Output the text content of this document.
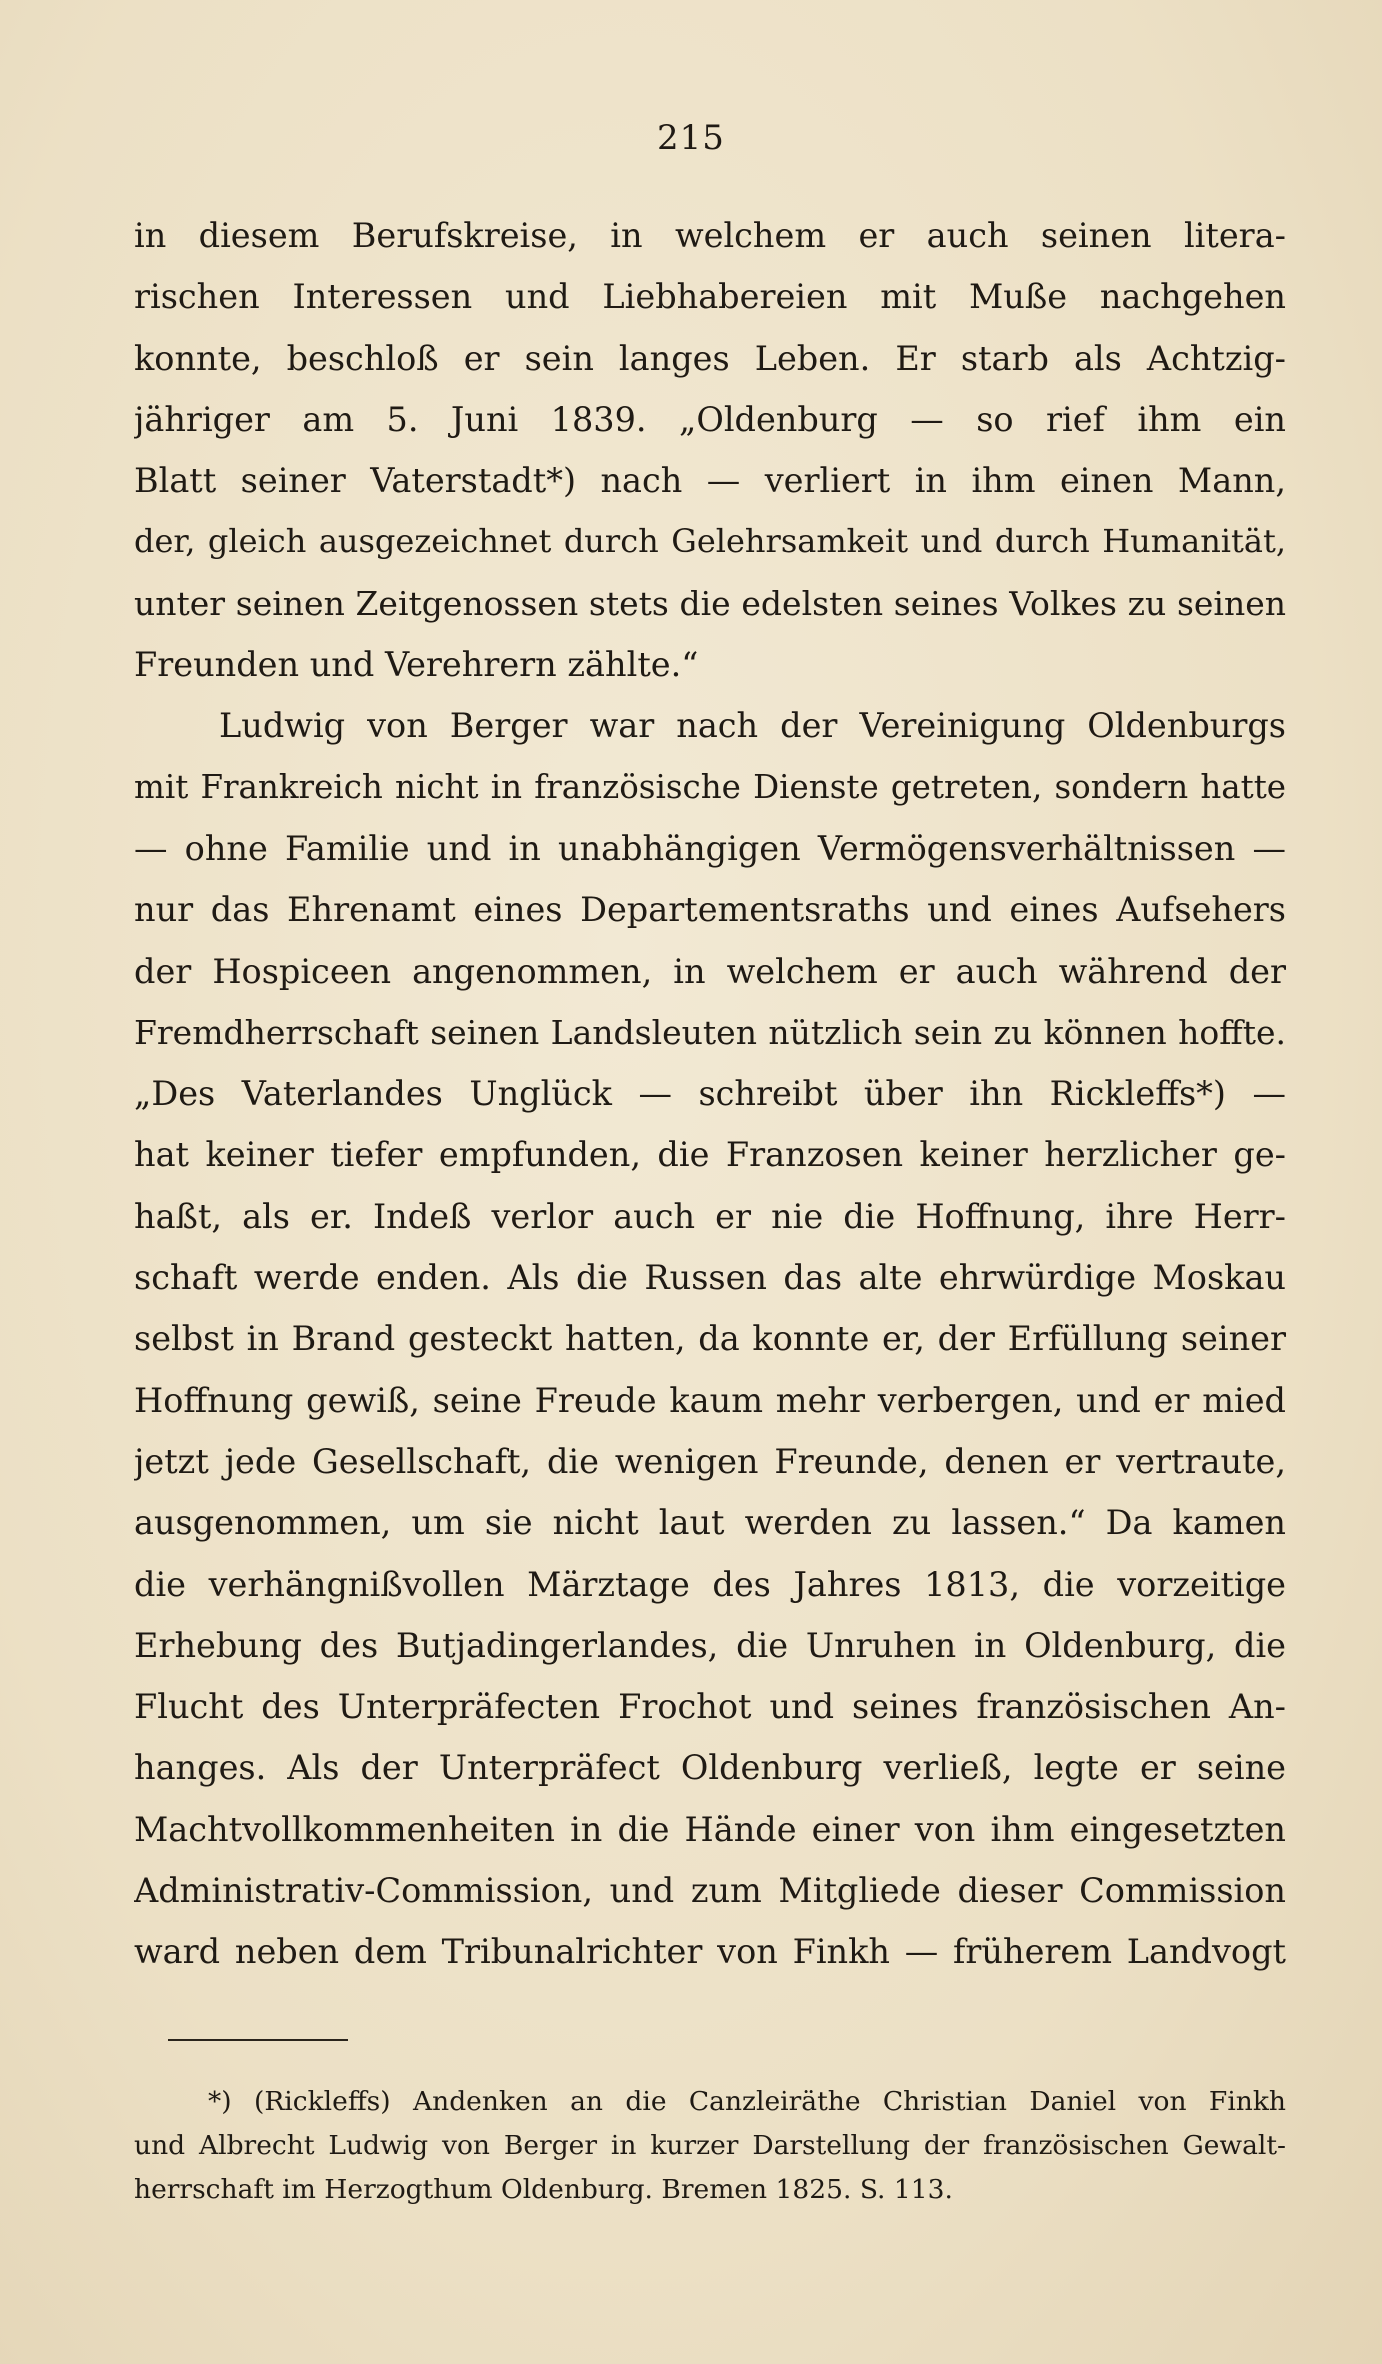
215
in diesem Berufskreise, in welchem er auch seinen litera-
rischen Interessen und Liebhabereien mit Muße nachgehen
konnte, beschloß er sein langes Leben. Er starb als Achtzig-
jähriger am 5. Juni 1839. „Oldenburg — so rief ihm ein
Blatt seiner Vaterstadt*) nach — verliert in ihm einen Mann,
der, gleich ausgezeichnet durch Gelehrsamkeit und durch Humanität,
unter seinen Zeitgenossen stets die edelsten seines Volkes zu seinen
Freunden und Verehrern zählte.“
Ludwig von Berger war nach der Vereinigung Oldenburgs
mit Frankreich nicht in französische Dienste getreten, sondern hatte
— ohne Familie und in unabhängigen Vermögensverhältnissen —
nur das Ehrenamt eines Departementsraths und eines Aufsehers
der Hospiceen angenommen, in welchem er auch während der
Fremdherrschaft seinen Landsleuten nützlich sein zu können hoffte.
„Des Vaterlandes Unglück — schreibt über ihn Rickleffs*) —
hat keiner tiefer empfunden, die Franzosen keiner herzlicher ge-
haßt, als er. Indeß verlor auch er nie die Hoffnung, ihre Herr-
schaft werde enden. Als die Russen das alte ehrwürdige Moskau
selbst in Brand gesteckt hatten, da konnte er, der Erfüllung seiner
Hoffnung gewiß, seine Freude kaum mehr verbergen, und er mied
jetzt jede Gesellschaft, die wenigen Freunde, denen er vertraute,
ausgenommen, um sie nicht laut werden zu lassen.“ Da kamen
die verhängnißvollen Märztage des Jahres 1813, die vorzeitige
Erhebung des Butjadingerlandes, die Unruhen in Oldenburg, die
Flucht des Unterpräfecten Frochot und seines französischen An-
hanges. Als der Unterpräfect Oldenburg verließ, legte er seine
Machtvollkommenheiten in die Hände einer von ihm eingesetzten
Administrativ-Commission, und zum Mitgliede dieser Commission
ward neben dem Tribunalrichter von Finkh — früherem Landvogt
*) (Rickleffs) Andenken an die Canzleiräthe Christian Daniel von Finkh
und Albrecht Ludwig von Berger in kurzer Darstellung der französischen Gewalt-
herrschaft im Herzogthum Oldenburg. Bremen 1825. S. 113.
